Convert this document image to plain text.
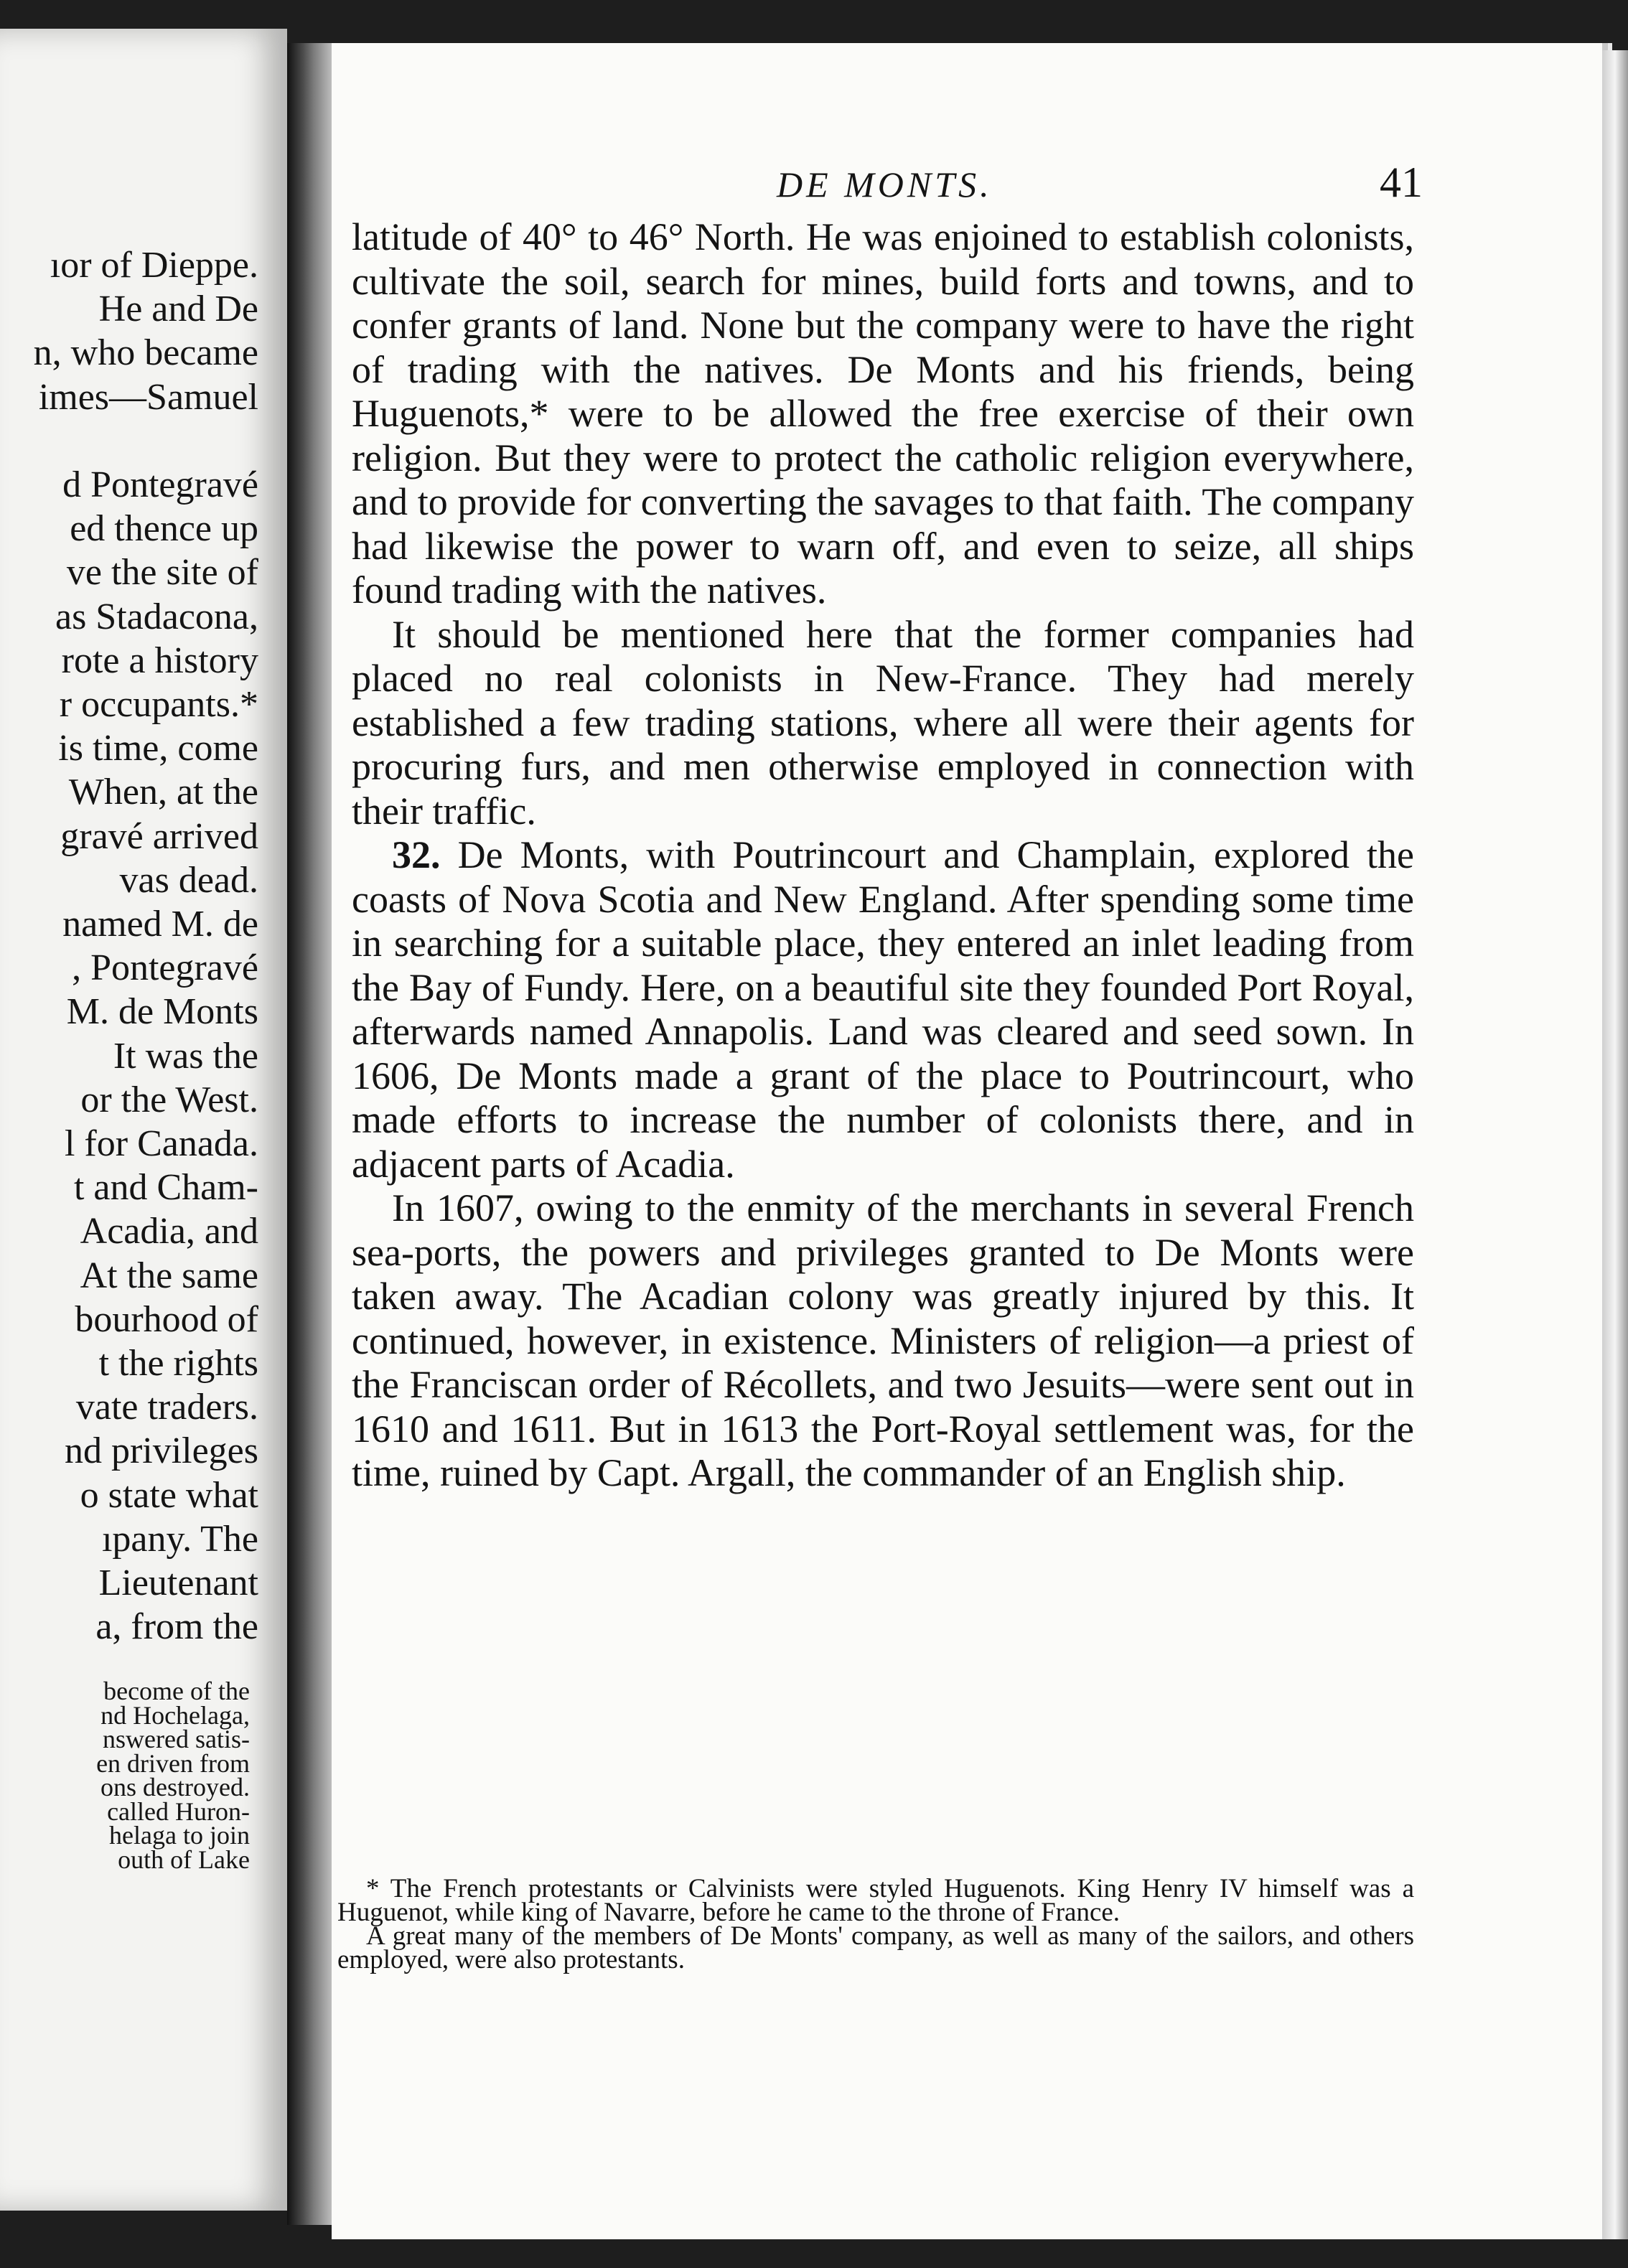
ıor of Dieppe.
He and De
n, who became
imes—Samuel
d Pontegravé
ed thence up
ve the site of
as Stadacona,
rote a history
r occupants.*
is time, come
When, at the
gravé arrived
vas dead.
named M. de
, Pontegravé
M. de Monts
It was the
or the West.
l for Canada.
t and Cham-
Acadia, and
At the same
bourhood of
t the rights
vate traders.
nd privileges
o state what
ıpany. The
Lieutenant
a, from the
become of the
nd Hochelaga,
nswered satis-
en driven from
ons destroyed.
called Huron-
helaga to join
outh of Lake
DE MONTS.	41

latitude of 40° to 46° North. He was enjoined to establish colonists, cultivate the soil, search for mines, build forts and towns, and to confer grants of land. None but the company were to have the right of trading with the natives. De Monts and his friends, being Huguenots,* were to be allowed the free exercise of their own religion. But they were to protect the catholic religion everywhere, and to provide for converting the savages to that faith. The company had likewise the power to warn off, and even to seize, all ships found trading with the natives.

It should be mentioned here that the former companies had placed no real colonists in New-France. They had merely established a few trading stations, where all were their agents for procuring furs, and men otherwise employed in connection with their traffic.

32. De Monts, with Poutrincourt and Champlain, explored the coasts of Nova Scotia and New England. After spending some time in searching for a suitable place, they entered an inlet leading from the Bay of Fundy. Here, on a beautiful site they founded Port Royal, afterwards named Annapolis. Land was cleared and seed sown. In 1606, De Monts made a grant of the place to Poutrincourt, who made efforts to increase the number of colonists there, and in adjacent parts of Acadia.

In 1607, owing to the enmity of the merchants in several French sea-ports, the powers and privileges granted to De Monts were taken away. The Acadian colony was greatly injured by this. It continued, however, in existence. Ministers of religion—a priest of the Franciscan order of Récollets, and two Jesuits—were sent out in 1610 and 1611. But in 1613 the Port-Royal settlement was, for the time, ruined by Capt. Argall, the commander of an English ship.

* The French protestants or Calvinists were styled Huguenots. King Henry IV himself was a Huguenot, while king of Navarre, before he came to the throne of France.

A great many of the members of De Monts' company, as well as many of the sailors, and others employed, were also protestants.
